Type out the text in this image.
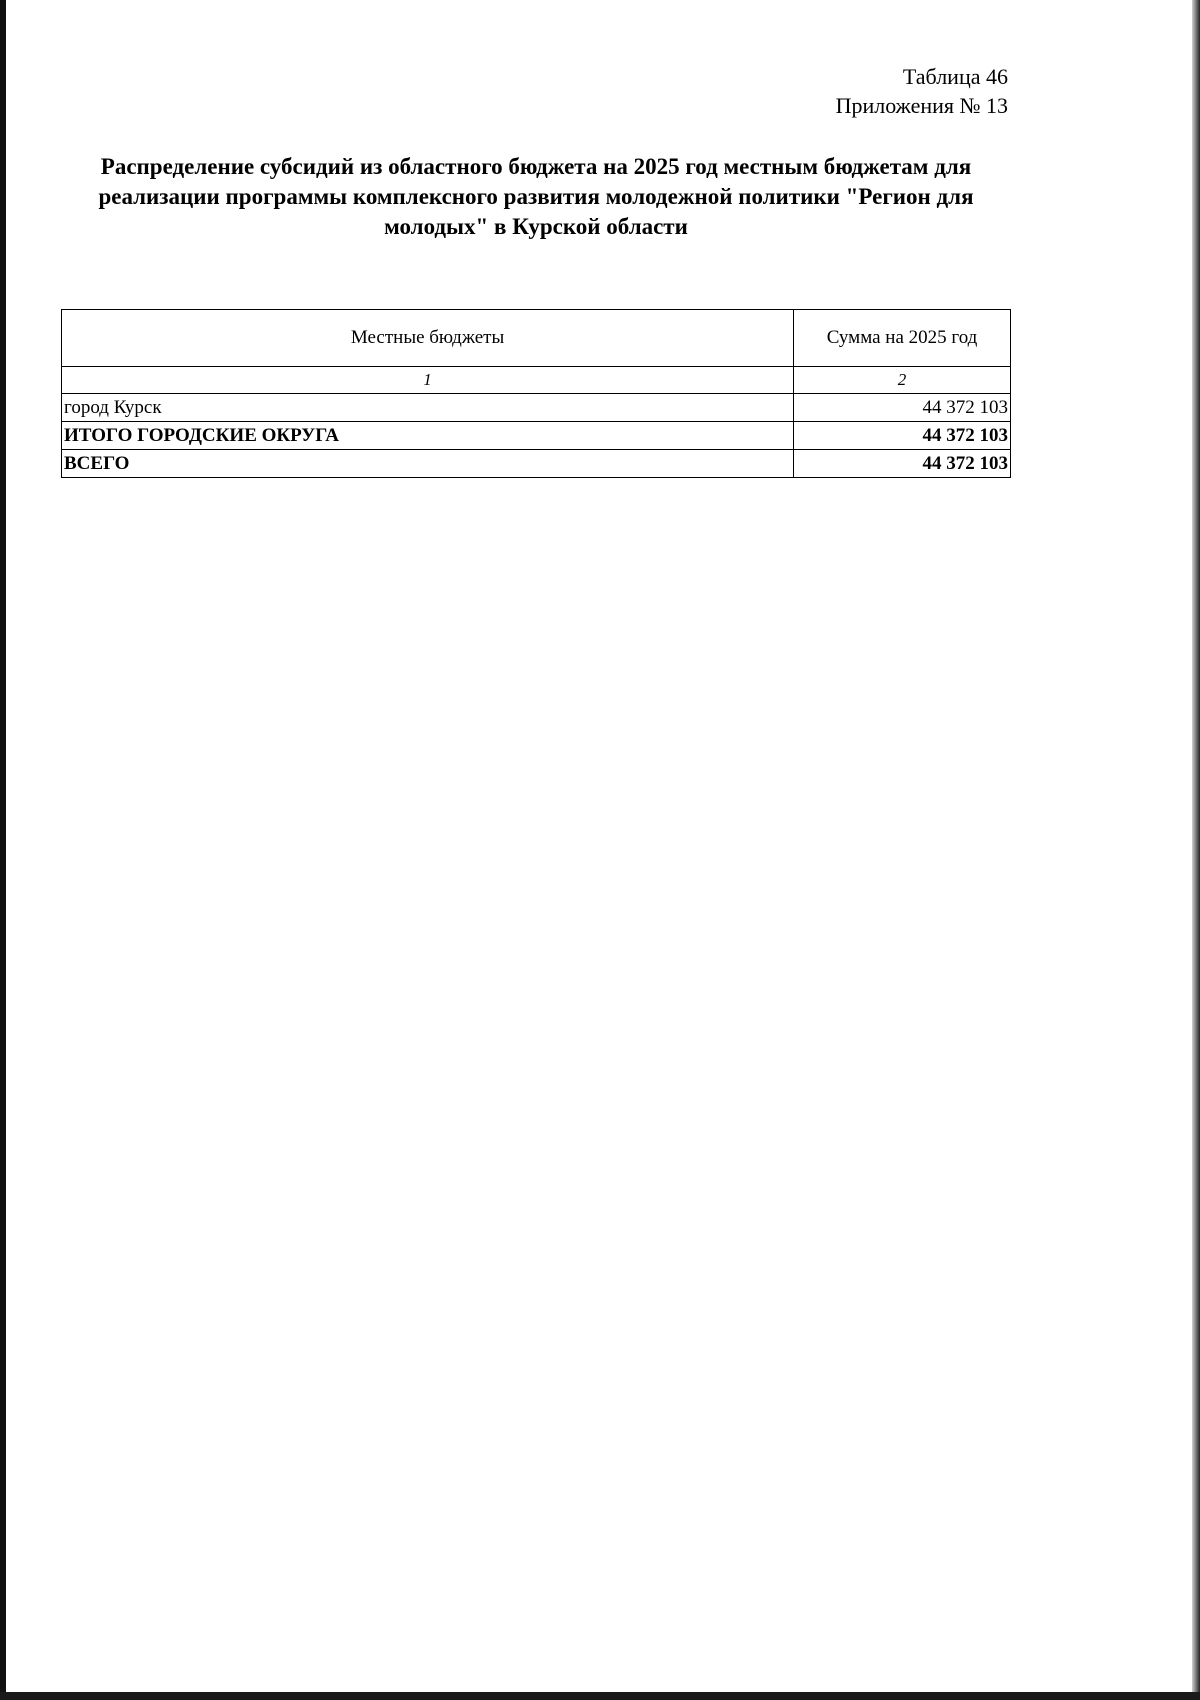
Таблица 46
Приложения № 13
Распределение субсидий из областного бюджета на 2025 год местным бюджетам для реализации программы комплексного развития молодежной политики "Регион для молодых" в Курской области
Местные бюджеты	Сумма на 2025 год
1	2
город Курск	44 372 103
ИТОГО ГОРОДСКИЕ ОКРУГА	44 372 103
ВСЕГО	44 372 103
